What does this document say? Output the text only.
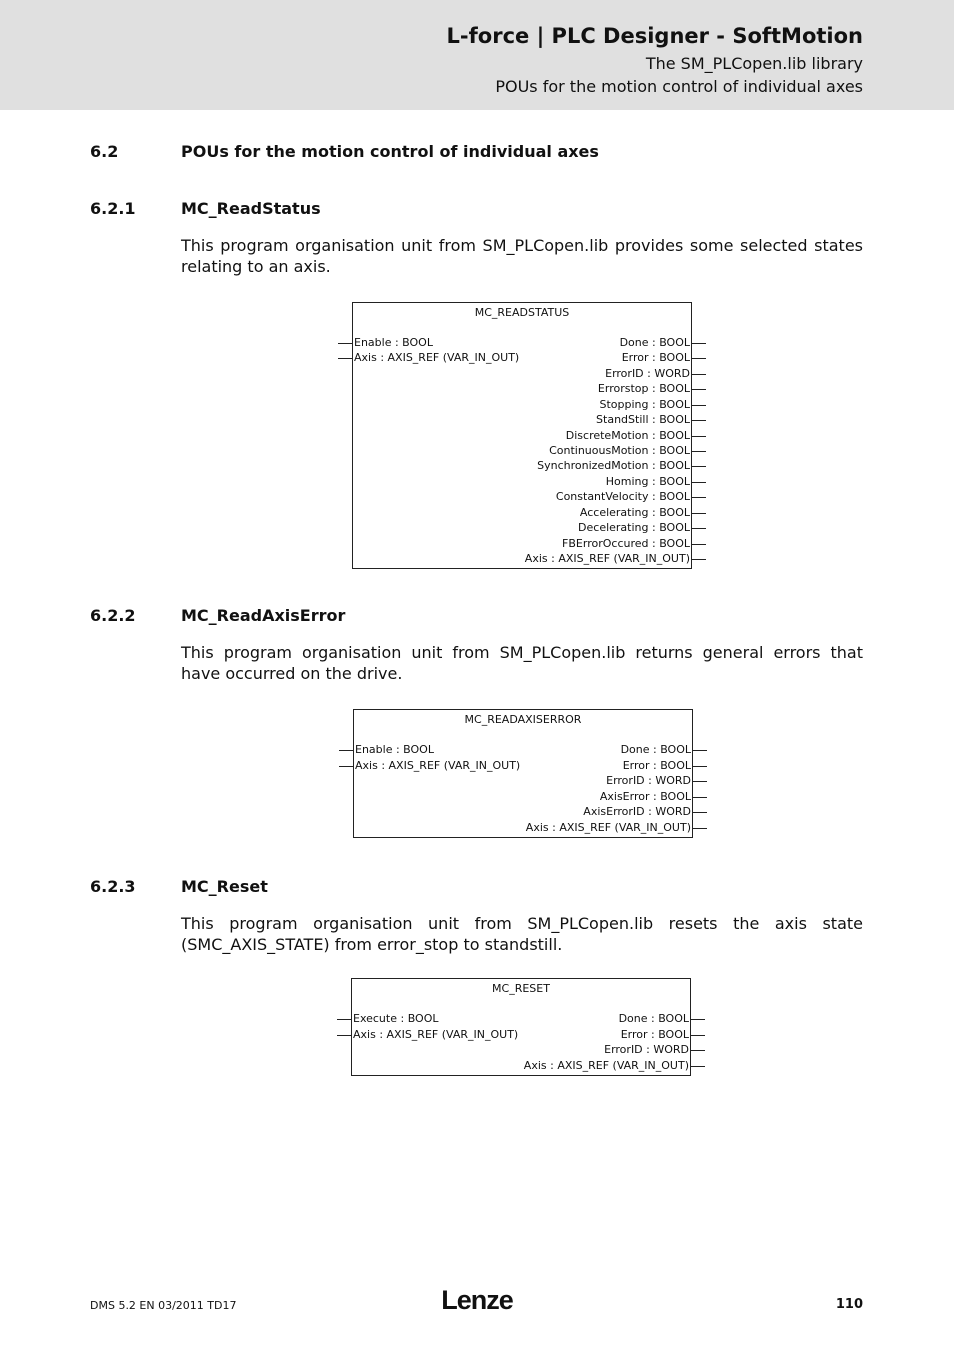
L-force | PLC Designer - SoftMotion
The SM_PLCopen.lib library
POUs for the motion control of individual axes
6.2	POUs for the motion control of individual axes
6.2.1	MC_ReadStatus
This program organisation unit from SM_PLCopen.lib provides some selected states relating to an axis.
MC_READSTATUS
Enable : BOOL
Axis : AXIS_REF (VAR_IN_OUT)
Done : BOOL
Error : BOOL
ErrorID : WORD
Errorstop : BOOL
Stopping : BOOL
StandStill : BOOL
DiscreteMotion : BOOL
ContinuousMotion : BOOL
SynchronizedMotion : BOOL
Homing : BOOL
ConstantVelocity : BOOL
Accelerating : BOOL
Decelerating : BOOL
FBErrorOccured : BOOL
Axis : AXIS_REF (VAR_IN_OUT)
6.2.2	MC_ReadAxisError
This program organisation unit from SM_PLCopen.lib returns general errors that have occurred on the drive.
MC_READAXISERROR
Enable : BOOL
Axis : AXIS_REF (VAR_IN_OUT)
Done : BOOL
Error : BOOL
ErrorID : WORD
AxisError : BOOL
AxisErrorID : WORD
Axis : AXIS_REF (VAR_IN_OUT)
6.2.3	MC_Reset
This program organisation unit from SM_PLCopen.lib resets the axis state
(SMC_AXIS_STATE) from error_stop to standstill.
MC_RESET
Execute : BOOL
Axis : AXIS_REF (VAR_IN_OUT)
Done : BOOL
Error : BOOL
ErrorID : WORD
Axis : AXIS_REF (VAR_IN_OUT)
DMS 5.2 EN 03/2011 TD17	Lenze	110
